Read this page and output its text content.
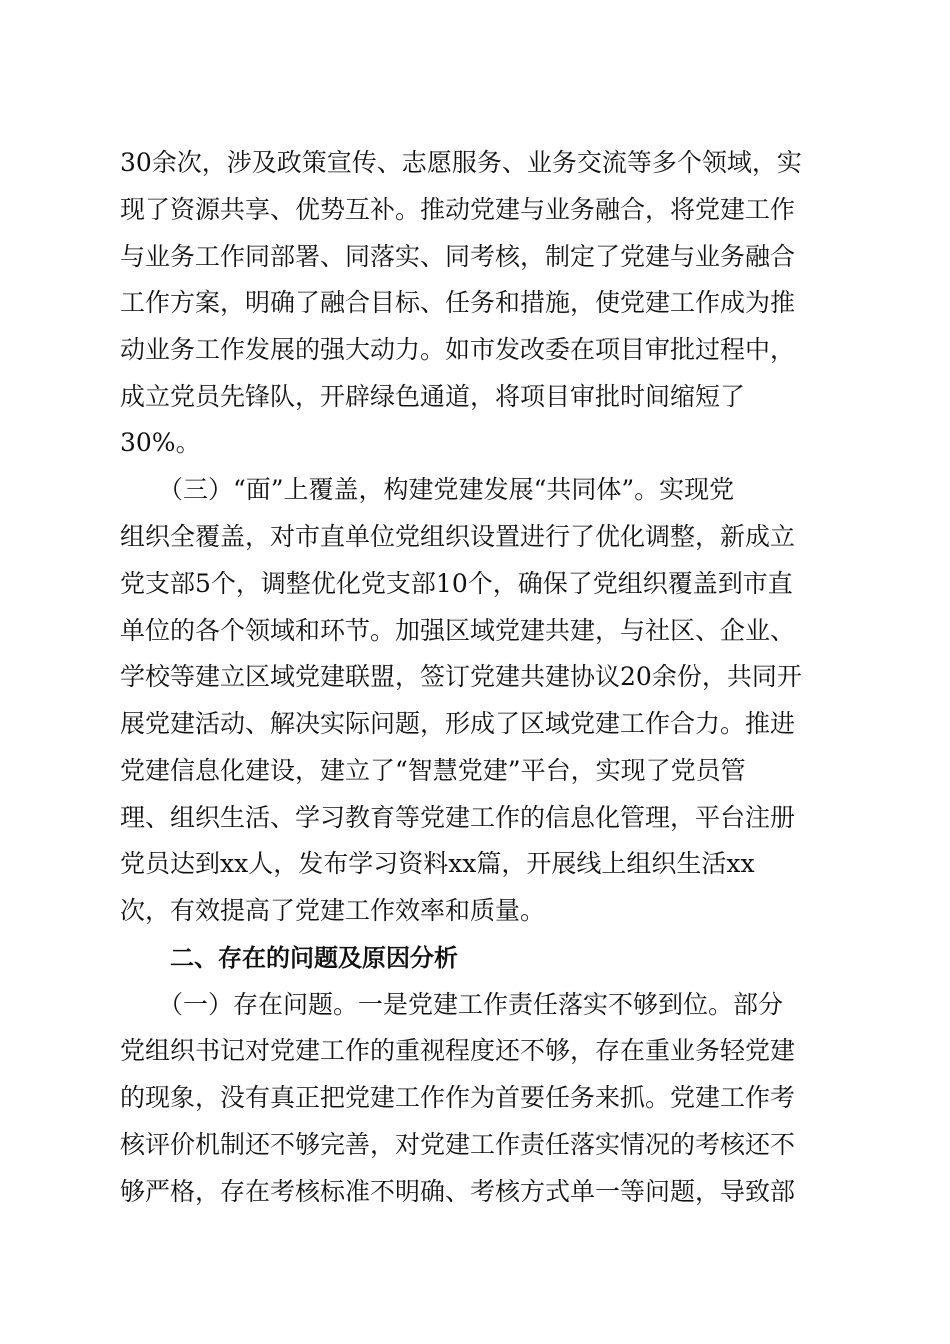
30余次，涉及政策宣传、志愿服务、业务交流等多个领域，实

现了资源共享、优势互补。推动党建与业务融合，将党建工作

与业务工作同部署、同落实、同考核，制定了党建与业务融合

工作方案，明确了融合目标、任务和措施，使党建工作成为推

动业务工作发展的强大动力。如市发改委在项目审批过程中，

成立党员先锋队，开辟绿色通道，将项目审批时间缩短了

30%。

（三）“面”上覆盖，构建党建发展“共同体”。实现党

组织全覆盖，对市直单位党组织设置进行了优化调整，新成立

党支部5个，调整优化党支部10个，确保了党组织覆盖到市直

单位的各个领域和环节。加强区域党建共建，与社区、企业、

学校等建立区域党建联盟，签订党建共建协议20余份，共同开

展党建活动、解决实际问题，形成了区域党建工作合力。推进

党建信息化建设，建立了“智慧党建”平台，实现了党员管

理、组织生活、学习教育等党建工作的信息化管理，平台注册

党员达到xx人，发布学习资料xx篇，开展线上组织生活xx

次，有效提高了党建工作效率和质量。

二、存在的问题及原因分析

（一）存在问题。一是党建工作责任落实不够到位。部分

党组织书记对党建工作的重视程度还不够，存在重业务轻党建

的现象，没有真正把党建工作作为首要任务来抓。党建工作考

核评价机制还不够完善，对党建工作责任落实情况的考核还不

够严格，存在考核标准不明确、考核方式单一等问题，导致部
